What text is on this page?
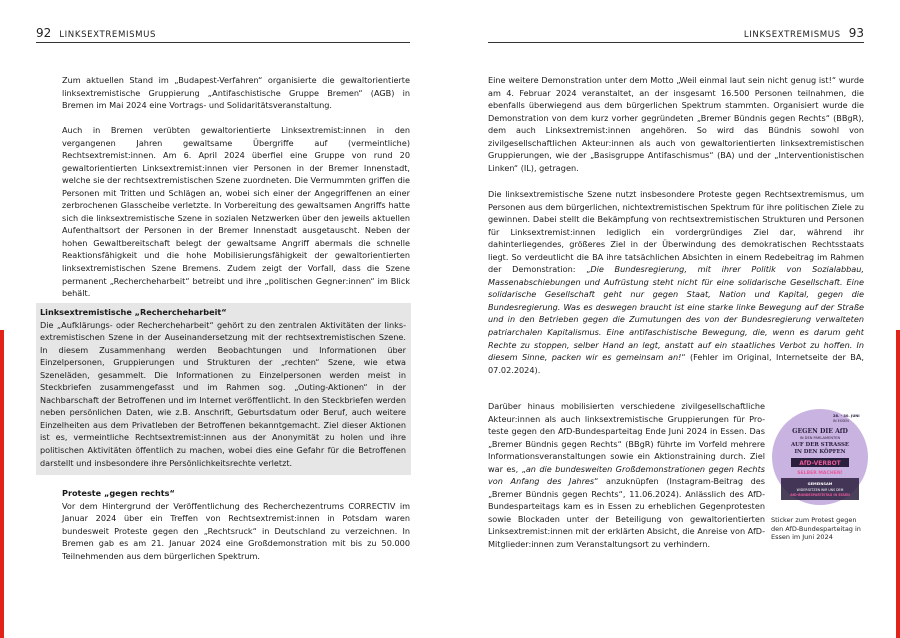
92 LINKSEXTREMISMUS	LINKSEXTREMISMUS 93

Zum aktuellen Stand im „Budapest-Verfahren“ organisierte die gewaltorientierte linksextremistische Gruppierung „Antifaschistische Gruppe Bremen“ (AGB) in Bremen im Mai 2024 eine Vortrags- und Solidaritätsveranstaltung.

Auch in Bremen verübten gewaltorientierte Linksextremist:innen in den vergangenen Jahren gewaltsame Übergriffe auf (vermeintliche) Rechtsextremist:innen. Am 6. April 2024 überfiel eine Gruppe von rund 20 gewaltorientierten Linksextremist:innen vier Personen in der Bremer Innenstadt, welche sie der rechtsextremistischen Szene zuordneten. Die Vermummten griffen die Personen mit Tritten und Schlägen an, wobei sich einer der Angegriffenen an einer zerbrochenen Glasscheibe verletzte. In Vorbereitung des gewaltsamen Angriffs hatte sich die linksextremistische Szene in sozialen Netzwerken über den jeweils aktuellen Aufenthaltsort der Personen in der Bremer Innenstadt ausgetauscht. Neben der hohen Gewaltbereitschaft belegt der gewaltsame Angriff abermals die schnelle Reaktionsfähigkeit und die hohe Mobilisierungsfähigkeit der gewaltorientierten linksextremistischen Szene Bremens. Zudem zeigt der Vorfall, dass die Szene permanent „Rechercheharbeit“ betreibt und ihre „politischen Gegner:innen“ im Blick behält.

Linksextremistische „Rechercheharbeit“

Die „Aufklärungs- oder Rechercheharbeit“ gehört zu den zentralen Aktivitäten der linksextremistischen Szene in der Auseinandersetzung mit der rechtsextremistischen Szene. In diesem Zusammenhang werden Beobachtungen und Informationen über Einzelpersonen, Gruppierungen und Strukturen der „rechten“ Szene, wie etwa Szeneläden, gesammelt. Die Informationen zu Einzelpersonen werden meist in Steckbriefen zusammengefasst und im Rahmen sog. „Outing-Aktionen“ in der Nachbarschaft der Betroffenen und im Internet veröffentlicht. In den Steckbriefen werden neben persönlichen Daten, wie z.B. Anschrift, Geburtsdatum oder Beruf, auch weitere Einzelheiten aus dem Privatleben der Betroffenen bekanntgemacht. Ziel dieser Aktionen ist es, vermeintliche Rechtsextremist:innen aus der Anonymität zu holen und ihre politischen Aktivitäten öffentlich zu machen, wobei dies eine Gefahr für die Betroffenen darstellt und insbesondere ihre Persönlichkeitsrechte verletzt.

Proteste „gegen rechts“

Vor dem Hintergrund der Veröffentlichung des Recherchezentrums CORRECTIV im Januar 2024 über ein Treffen von Rechtsextremist:innen in Potsdam waren bundesweit Proteste gegen den „Rechtsruck“ in Deutschland zu verzeichnen. In Bremen gab es am 21. Januar 2024 eine Großdemonstration mit bis zu 50.000 Teilnehmenden aus dem bürgerlichen Spektrum.

Eine weitere Demonstration unter dem Motto „Weil einmal laut sein nicht genug ist!“ wurde am 4. Februar 2024 veranstaltet, an der insgesamt 16.500 Personen teilnahmen, die ebenfalls überwiegend aus dem bürgerlichen Spektrum stammten. Organisiert wurde die Demonstration von dem kurz vorher gegründeten „Bremer Bündnis gegen Rechts“ (BBgR), dem auch Linksextremist:innen angehören. So wird das Bündnis sowohl von zivilgesellschaftlichen Akteur:innen als auch von gewaltorientierten linksextremistischen Gruppierungen, wie der „Basisgruppe Antifaschismus“ (BA) und der „Interventionistischen Linken“ (IL), getragen.

Die linksextremistische Szene nutzt insbesondere Proteste gegen Rechtsextremismus, um Personen aus dem bürgerlichen, nichtextremistischen Spektrum für ihre politischen Ziele zu gewinnen. Dabei stellt die Bekämpfung von rechtsextremistischen Strukturen und Personen für Linksextremist:innen lediglich ein vordergründiges Ziel dar, während ihr dahinterliegendes, größeres Ziel in der Überwindung des demokratischen Rechtsstaats liegt. So verdeutlicht die BA ihre tatsächlichen Absichten in einem Redebeitrag im Rahmen der Demonstration: „Die Bundesregierung, mit ihrer Politik von Sozialabbau, Massenabschiebungen und Aufrüstung steht nicht für eine solidarische Gesellschaft. Eine solidarische Gesellschaft geht nur gegen Staat, Nation und Kapital, gegen die Bundesregierung. Was es deswegen braucht ist eine starke linke Bewegung auf der Straße und in den Betrieben gegen die Zumutungen des von der Bundesregierung verwalteten patriarchalen Kapitalismus. Eine antifaschistische Bewegung, die, wenn es darum geht Rechte zu stoppen, selber Hand an legt, anstatt auf ein staatliches Verbot zu hoffen. In diesem Sinne, packen wir es gemeinsam an!“ (Fehler im Original, Internetseite der BA, 07.02.2024).

Darüber hinaus mobilisierten verschiedene zivilgesellschaftliche Akteur:innen als auch linksextremistische Gruppierungen für Proteste gegen den AfD-Bundesparteitag Ende Juni 2024 in Essen. Das „Bremer Bündnis gegen Rechts“ (BBgR) führte im Vorfeld mehrere Informationsveranstaltungen sowie ein Aktionstraining durch. Ziel war es, „an die bundesweiten Großdemonstrationen gegen Rechts von Anfang des Jahres“ anzuknüpfen (Instagram-Beitrag des „Bremer Bündnis gegen Rechts“, 11.06.2024). Anlässlich des AfD-Bundesparteitags kam es in Essen zu erheblichen Gegenprotesten sowie Blockaden unter der Beteiligung von gewaltorientierten Linksextremist:innen mit der erklärten Absicht, die Anreise von AfD-Mitglieder:innen zum Veranstaltungsort zu verhindern.

28. - 30. JUNI
IN ESSEN
GEGEN DIE AfD
IN DEN PARLAMENTEN
AUF DER STRASSE
IN DEN KÖPFEN
AfD-VERBOT
SELBER MACHEN!
GEMEINSAM
WIDERSETZEN WIR UNS DEM
AfD-BUNDESPARTEITAG IN ESSEN
Sticker zum Protest gegen den AfD-Bundesparteitag in Essen im Juni 2024
